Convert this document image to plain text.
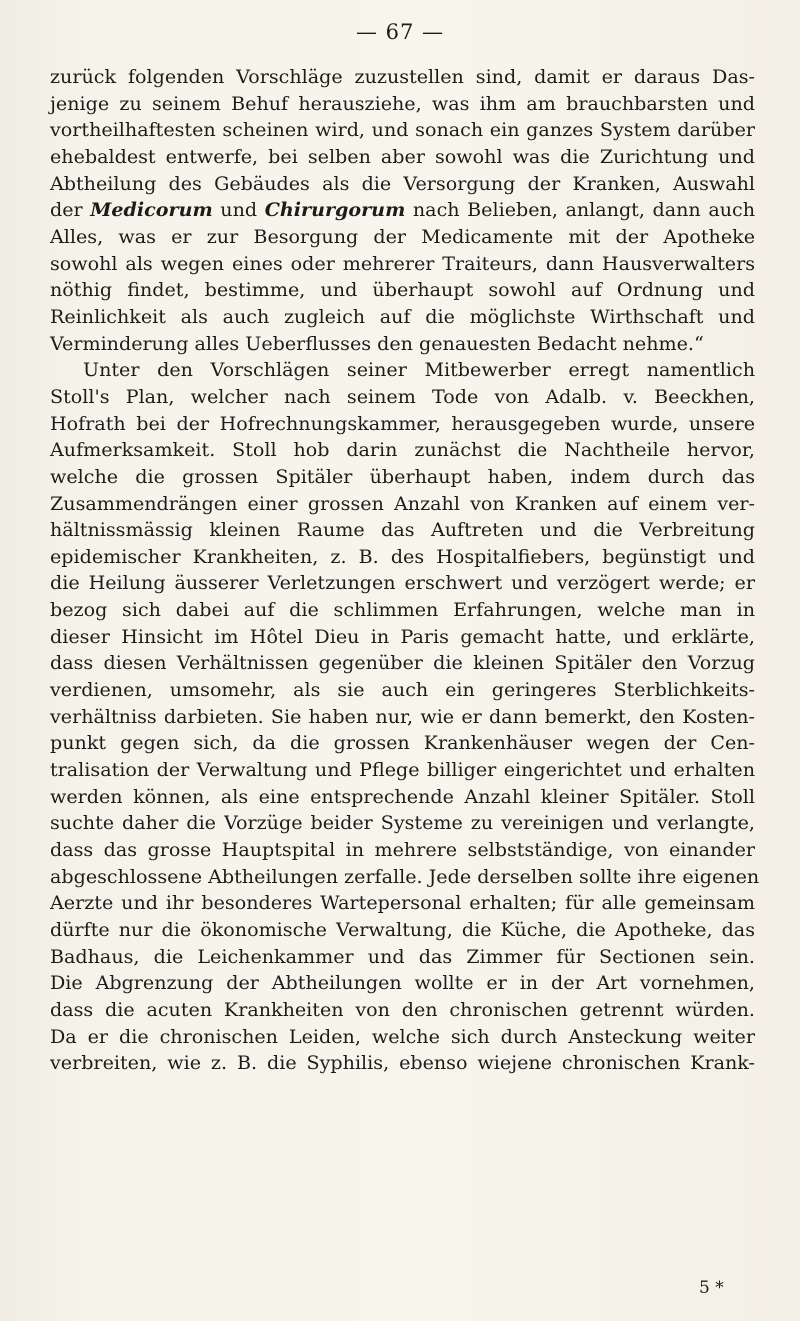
— 67 —
zurück folgenden Vorschläge zuzustellen sind, damit er daraus Das-
jenige zu seinem Behuf herausziehe, was ihm am brauchbarsten und
vortheilhaftesten scheinen wird, und sonach ein ganzes System darüber
ehebaldest entwerfe, bei selben aber sowohl was die Zurichtung und
Abtheilung des Gebäudes als die Versorgung der Kranken, Auswahl
der Medicorum und Chirurgorum nach Belieben, anlangt, dann auch
Alles, was er zur Besorgung der Medicamente mit der Apotheke
sowohl als wegen eines oder mehrerer Traiteurs, dann Hausverwalters
nöthig findet, bestimme, und überhaupt sowohl auf Ordnung und
Reinlichkeit als auch zugleich auf die möglichste Wirthschaft und
Verminderung alles Ueberflusses den genauesten Bedacht nehme.“
Unter den Vorschlägen seiner Mitbewerber erregt namentlich
Stoll's Plan, welcher nach seinem Tode von Adalb. v. Beeckhen,
Hofrath bei der Hofrechnungskammer, herausgegeben wurde, unsere
Aufmerksamkeit. Stoll hob darin zunächst die Nachtheile hervor,
welche die grossen Spitäler überhaupt haben, indem durch das
Zusammendrängen einer grossen Anzahl von Kranken auf einem ver-
hältnissmässig kleinen Raume das Auftreten und die Verbreitung
epidemischer Krankheiten, z. B. des Hospitalfiebers, begünstigt und
die Heilung äusserer Verletzungen erschwert und verzögert werde; er
bezog sich dabei auf die schlimmen Erfahrungen, welche man in
dieser Hinsicht im Hôtel Dieu in Paris gemacht hatte, und erklärte,
dass diesen Verhältnissen gegenüber die kleinen Spitäler den Vorzug
verdienen, umsomehr, als sie auch ein geringeres Sterblichkeits-
verhältniss darbieten. Sie haben nur, wie er dann bemerkt, den Kosten-
punkt gegen sich, da die grossen Krankenhäuser wegen der Cen-
tralisation der Verwaltung und Pflege billiger eingerichtet und erhalten
werden können, als eine entsprechende Anzahl kleiner Spitäler. Stoll
suchte daher die Vorzüge beider Systeme zu vereinigen und verlangte,
dass das grosse Hauptspital in mehrere selbstständige, von einander
abgeschlossene Abtheilungen zerfalle. Jede derselben sollte ihre eigenen
Aerzte und ihr besonderes Wartepersonal erhalten; für alle gemeinsam
dürfte nur die ökonomische Verwaltung, die Küche, die Apotheke, das
Badhaus, die Leichenkammer und das Zimmer für Sectionen sein.
Die Abgrenzung der Abtheilungen wollte er in der Art vornehmen,
dass die acuten Krankheiten von den chronischen getrennt würden.
Da er die chronischen Leiden, welche sich durch Ansteckung weiter
verbreiten, wie z. B. die Syphilis, ebenso wiejene chronischen Krank-
5 *
